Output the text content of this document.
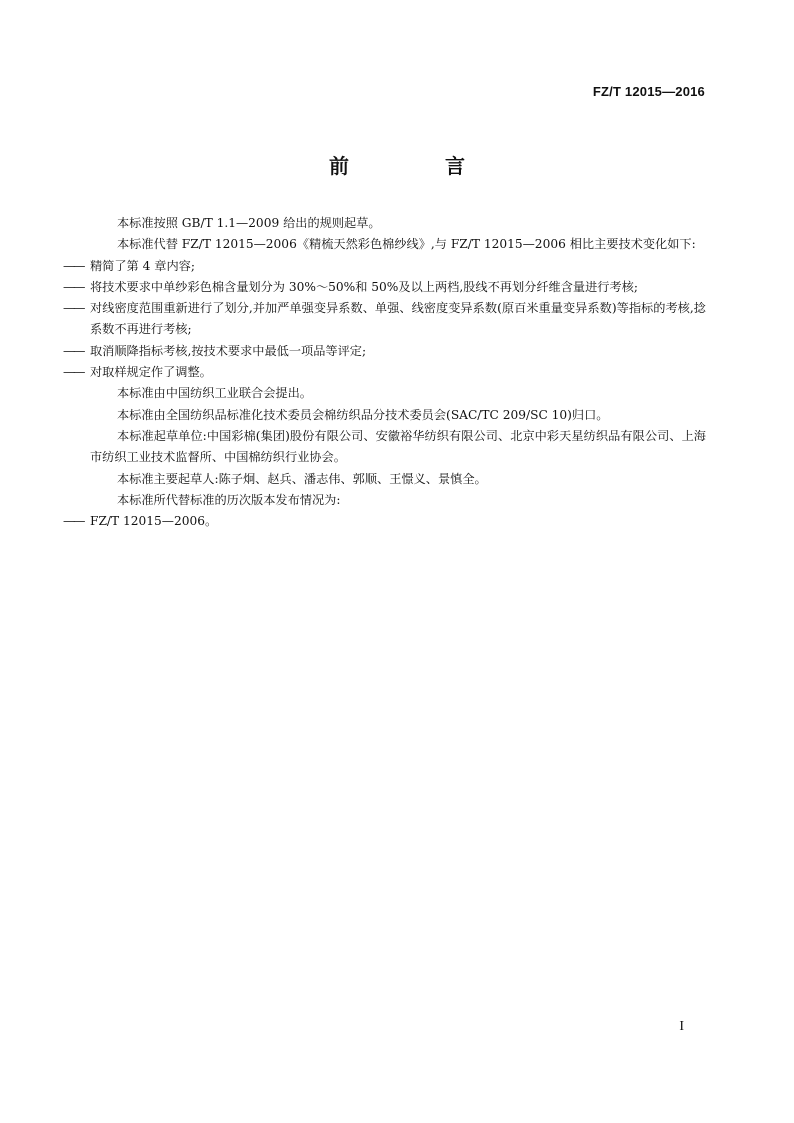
FZ/T 12015—2016
前　言

本标准按照 GB/T 1.1—2009 给出的规则起草。

本标准代替 FZ/T 12015—2006《精梳天然彩色棉纱线》,与 FZ/T 12015—2006 相比主要技术变化如下:

—— 精简了第 4 章内容;

—— 将技术要求中单纱彩色棉含量划分为 30%～50%和 50%及以上两档,股线不再划分纤维含量进行考核;

—— 对线密度范围重新进行了划分,并加严单强变异系数、单强、线密度变异系数(原百米重量变异系数)等指标的考核,捻系数不再进行考核;

—— 取消顺降指标考核,按技术要求中最低一项品等评定;

—— 对取样规定作了调整。

本标准由中国纺织工业联合会提出。

本标准由全国纺织品标准化技术委员会棉纺织品分技术委员会(SAC/TC 209/SC 10)归口。

本标准起草单位:中国彩棉(集团)股份有限公司、安徽裕华纺织有限公司、北京中彩天星纺织品有限公司、上海市纺织工业技术监督所、中国棉纺织行业协会。

本标准主要起草人:陈子炯、赵兵、潘志伟、郭顺、王憬义、景慎全。

本标准所代替标准的历次版本发布情况为:

—— FZ/T 12015—2006。

I
